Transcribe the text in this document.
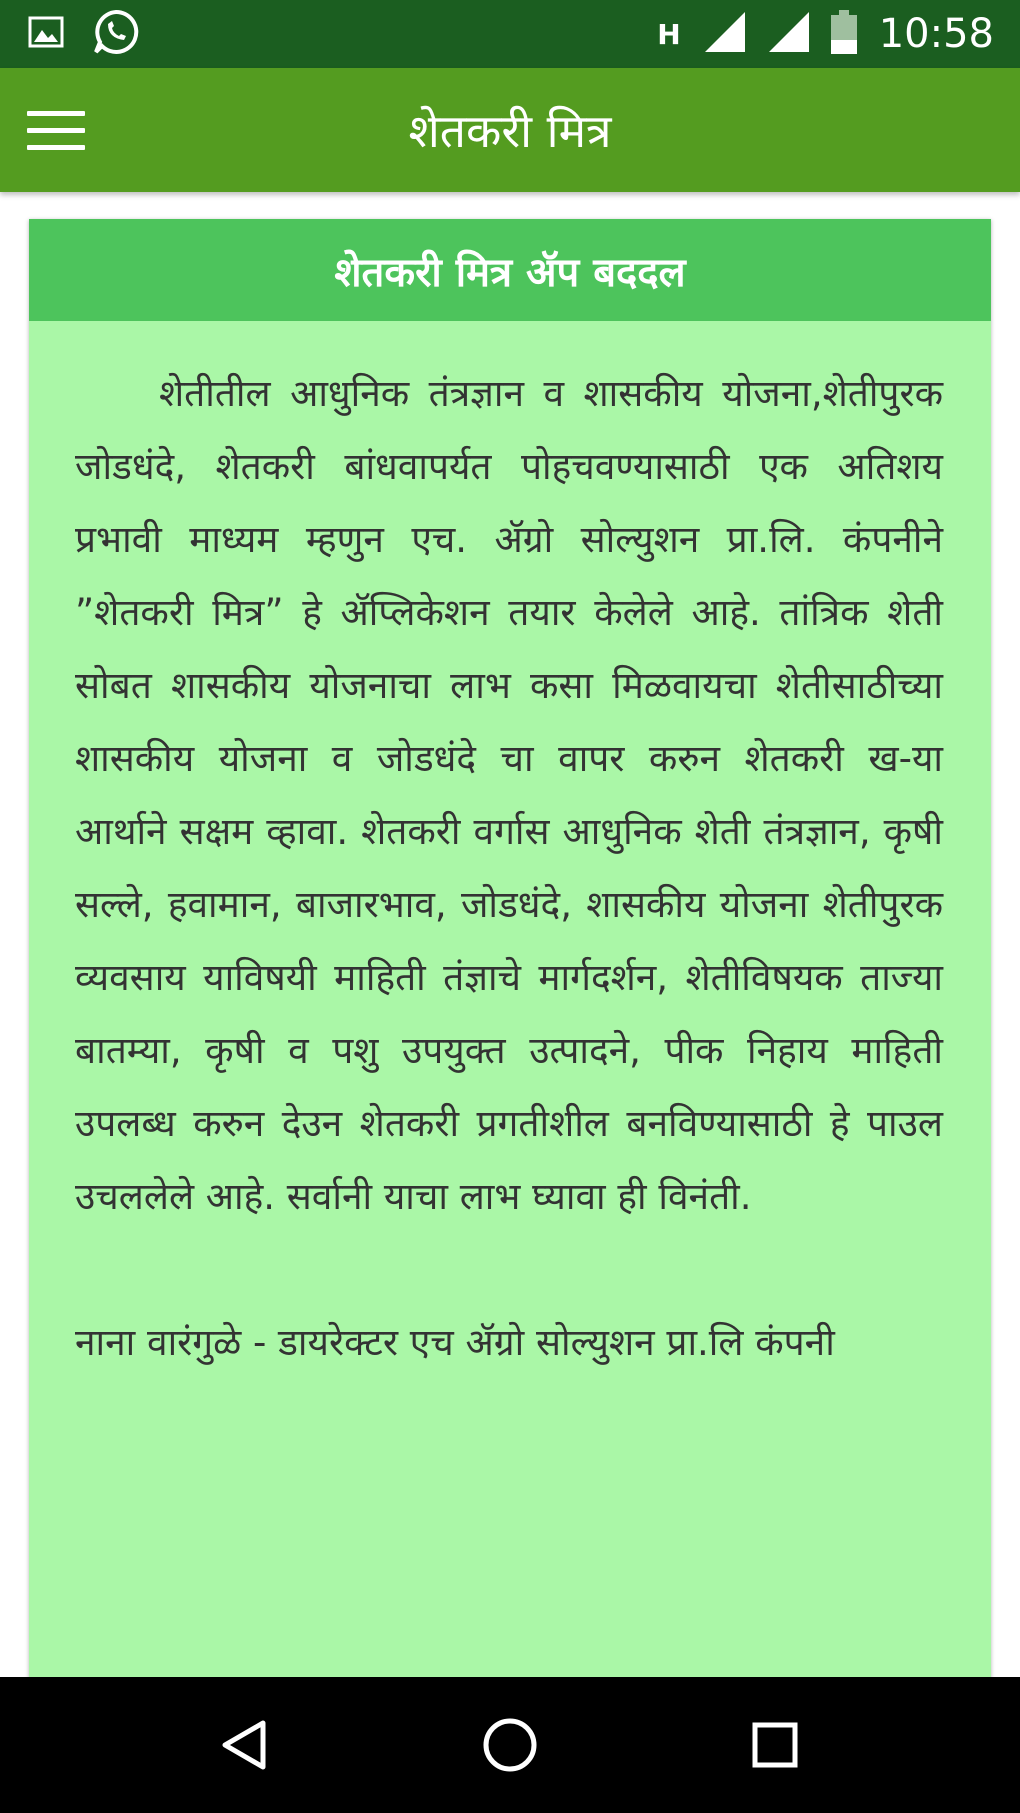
H	10:58
शेतकरी मित्र
शेतकरी मित्र ॲप बददल

शेतीतील आधुनिक तंत्रज्ञान व शासकीय योजना,शेतीपुरक जोडधंदे, शेतकरी बांधवापर्यत पोहचवण्यासाठी एक अतिशय प्रभावी माध्यम म्हणुन एच. ॲग्रो सोल्युशन प्रा.लि. कंपनीने ”शेतकरी मित्र” हे ॲप्लिकेशन तयार केलेले आहे. तांत्रिक शेती सोबत शासकीय योजनाचा लाभ कसा मिळवायचा शेतीसाठीच्या शासकीय योजना व जोडधंदे चा वापर करुन शेतकरी ख-या आर्थाने सक्षम व्हावा. शेतकरी वर्गास आधुनिक शेती तंत्रज्ञान, कृषी सल्ले, हवामान, बाजारभाव, जोडधंदे, शासकीय योजना शेतीपुरक व्यवसाय याविषयी माहिती तंज्ञाचे मार्गदर्शन, शेतीविषयक ताज्या बातम्या, कृषी व पशु उपयुक्त उत्पादने, पीक निहाय माहिती उपलब्ध करुन देउन शेतकरी प्रगतीशील बनविण्यासाठी हे पाउल उचललेले आहे. सर्वानी याचा लाभ घ्यावा ही विनंती.

नाना वारंगुळे - डायरेक्टर एच ॲग्रो सोल्युशन प्रा.लि कंपनी
